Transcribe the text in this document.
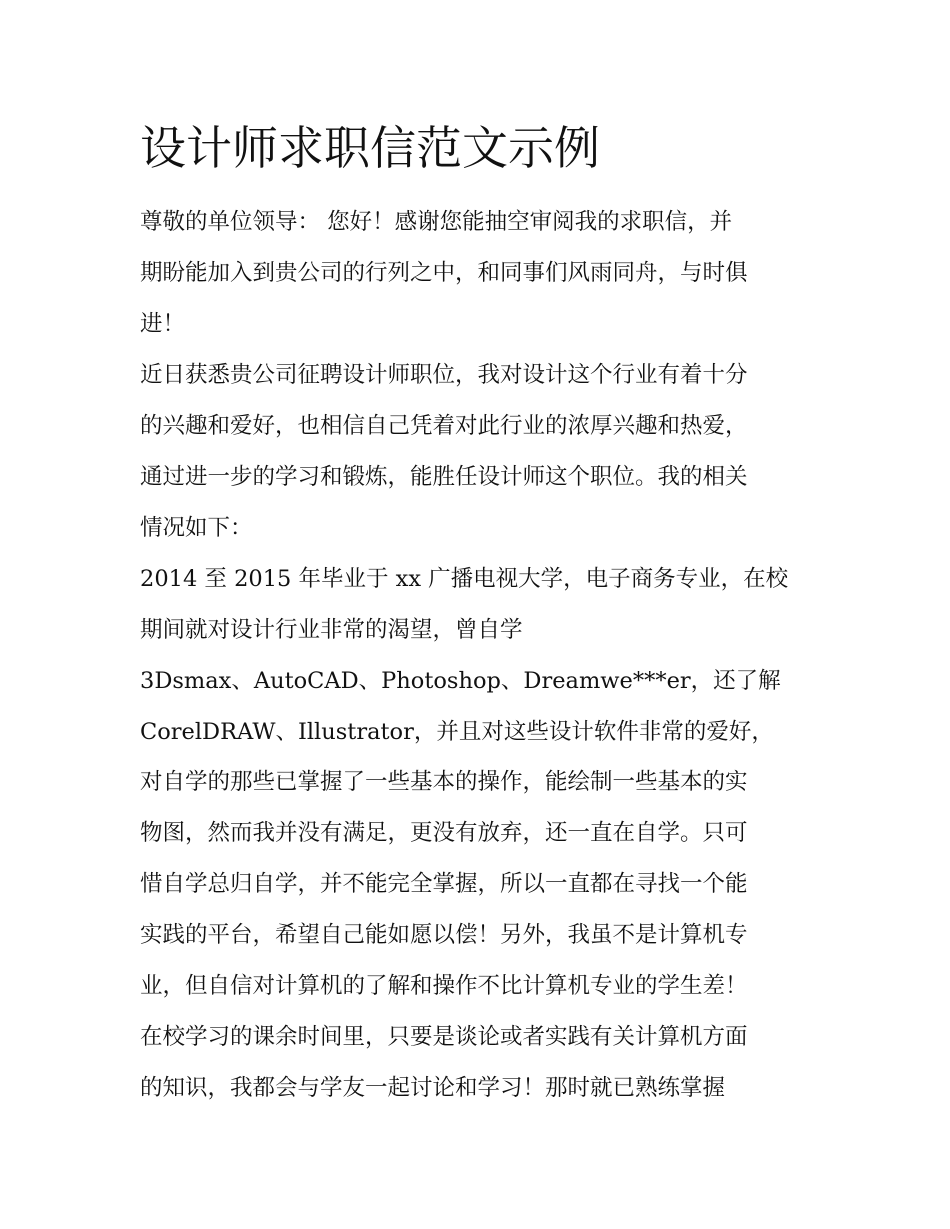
设计师求职信范文示例

尊敬的单位领导： 您好！感谢您能抽空审阅我的求职信，并

期盼能加入到贵公司的行列之中，和同事们风雨同舟，与时俱

进！

近日获悉贵公司征聘设计师职位，我对设计这个行业有着十分

的兴趣和爱好，也相信自己凭着对此行业的浓厚兴趣和热爱，

通过进一步的学习和锻炼，能胜任设计师这个职位。我的相关

情况如下：

2014 至 2015 年毕业于 xx 广播电视大学，电子商务专业，在校

期间就对设计行业非常的渴望，曾自学

3Dsmax、AutoCAD、Photoshop、Dreamwe***er，还了解

CorelDRAW、Illustrator，并且对这些设计软件非常的爱好，

对自学的那些已掌握了一些基本的操作，能绘制一些基本的实

物图，然而我并没有满足，更没有放弃，还一直在自学。只可

惜自学总归自学，并不能完全掌握，所以一直都在寻找一个能

实践的平台，希望自己能如愿以偿！另外，我虽不是计算机专

业，但自信对计算机的了解和操作不比计算机专业的学生差！

在校学习的课余时间里，只要是谈论或者实践有关计算机方面

的知识，我都会与学友一起讨论和学习！那时就已熟练掌握
